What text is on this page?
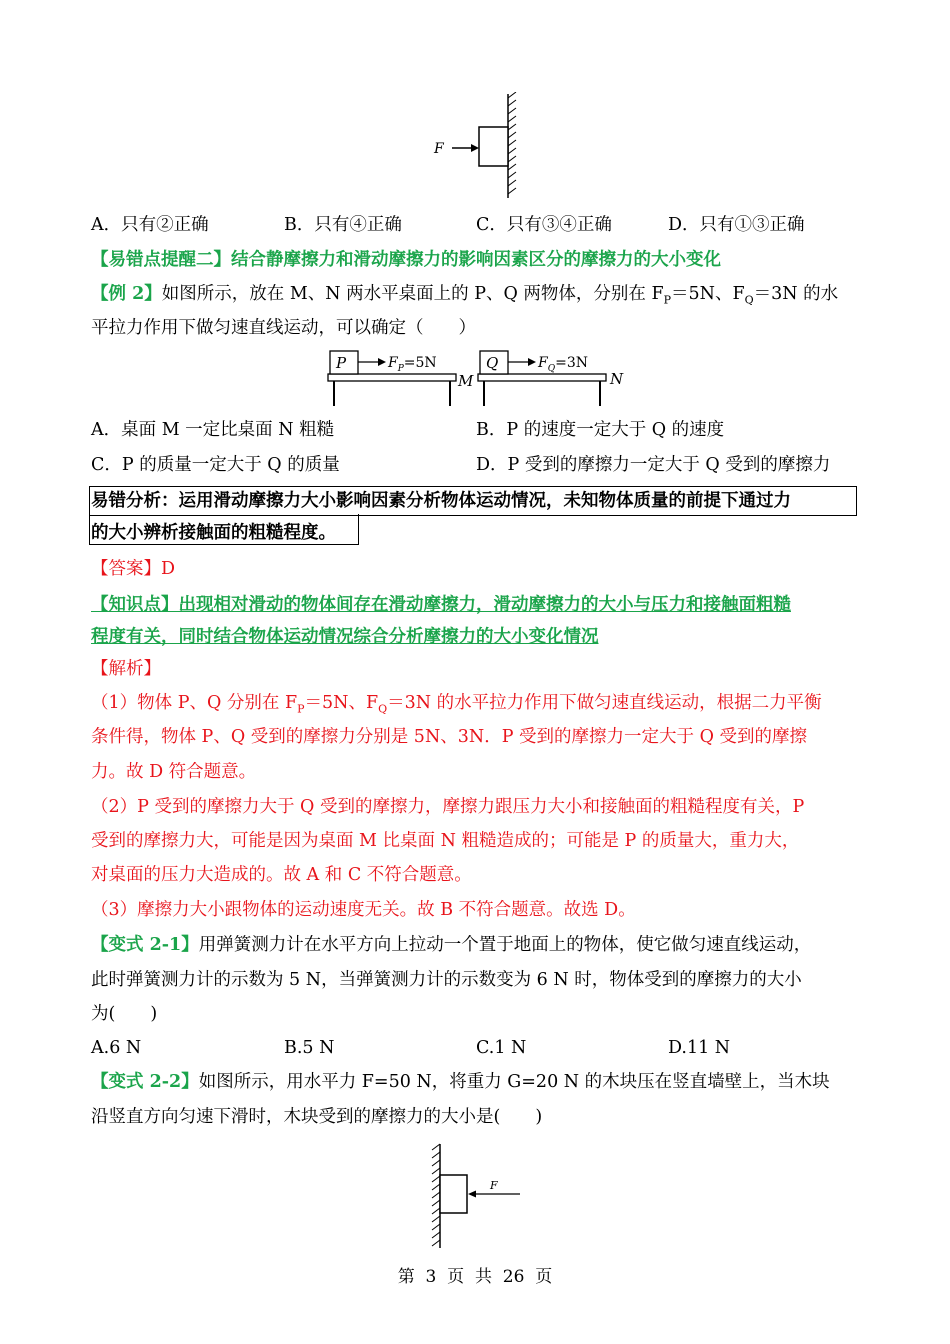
F
A．只有②正确	B．只有④正确	C．只有③④正确	D．只有①③正确
【易错点提醒二】结合静摩擦力和滑动摩擦力的影响因素区分的摩擦力的大小变化
【例 2】如图所示，放在 M、N 两水平桌面上的 P、Q 两物体，分别在 $F_P=5N$、$F_Q=3N$ 的水
平拉力作用下做匀速直线运动，可以确定（　　）
P	$F_P=5N$
M
Q	$F_Q=3N$
N
A．桌面 M 一定比桌面 N 粗糙	B．P 的速度一定大于 Q 的速度
C．P 的质量一定大于 Q 的质量	D．P 受到的摩擦力一定大于 Q 受到的摩擦力
易错分析：运用滑动摩擦力大小影响因素分析物体运动情况，未知物体质量的前提下通过力
的大小辨析接触面的粗糙程度。
【答案】D
【知识点】出现相对滑动的物体间存在滑动摩擦力，滑动摩擦力的大小与压力和接触面粗糙
程度有关，同时结合物体运动情况综合分析摩擦力的大小变化情况
【解析】
（1）物体 P、Q 分别在 $F_P=5N$、$F_Q=3N$ 的水平拉力作用下做匀速直线运动，根据二力平衡
条件得，物体 P、Q 受到的摩擦力分别是 5N、3N．P 受到的摩擦力一定大于 Q 受到的摩擦
力。故 D 符合题意。
（2）P 受到的摩擦力大于 Q 受到的摩擦力，摩擦力跟压力大小和接触面的粗糙程度有关，P
受到的摩擦力大，可能是因为桌面 M 比桌面 N 粗糙造成的；可能是 P 的质量大，重力大，
对桌面的压力大造成的。故 A 和 C 不符合题意。
（3）摩擦力大小跟物体的运动速度无关。故 B 不符合题意。故选 D。
【变式 2-1】用弹簧测力计在水平方向上拉动一个置于地面上的物体，使它做匀速直线运动，
此时弹簧测力计的示数为 5 N，当弹簧测力计的示数变为 6 N 时，物体受到的摩擦力的大小
为(　　)
A.6 N	B.5 N	C.1 N	D.11 N
【变式 2-2】如图所示，用水平力 F=50 N，将重力 G=20 N 的木块压在竖直墙壁上，当木块
沿竖直方向匀速下滑时，木块受到的摩擦力的大小是(　　)
F
第  3  页  共  26  页
